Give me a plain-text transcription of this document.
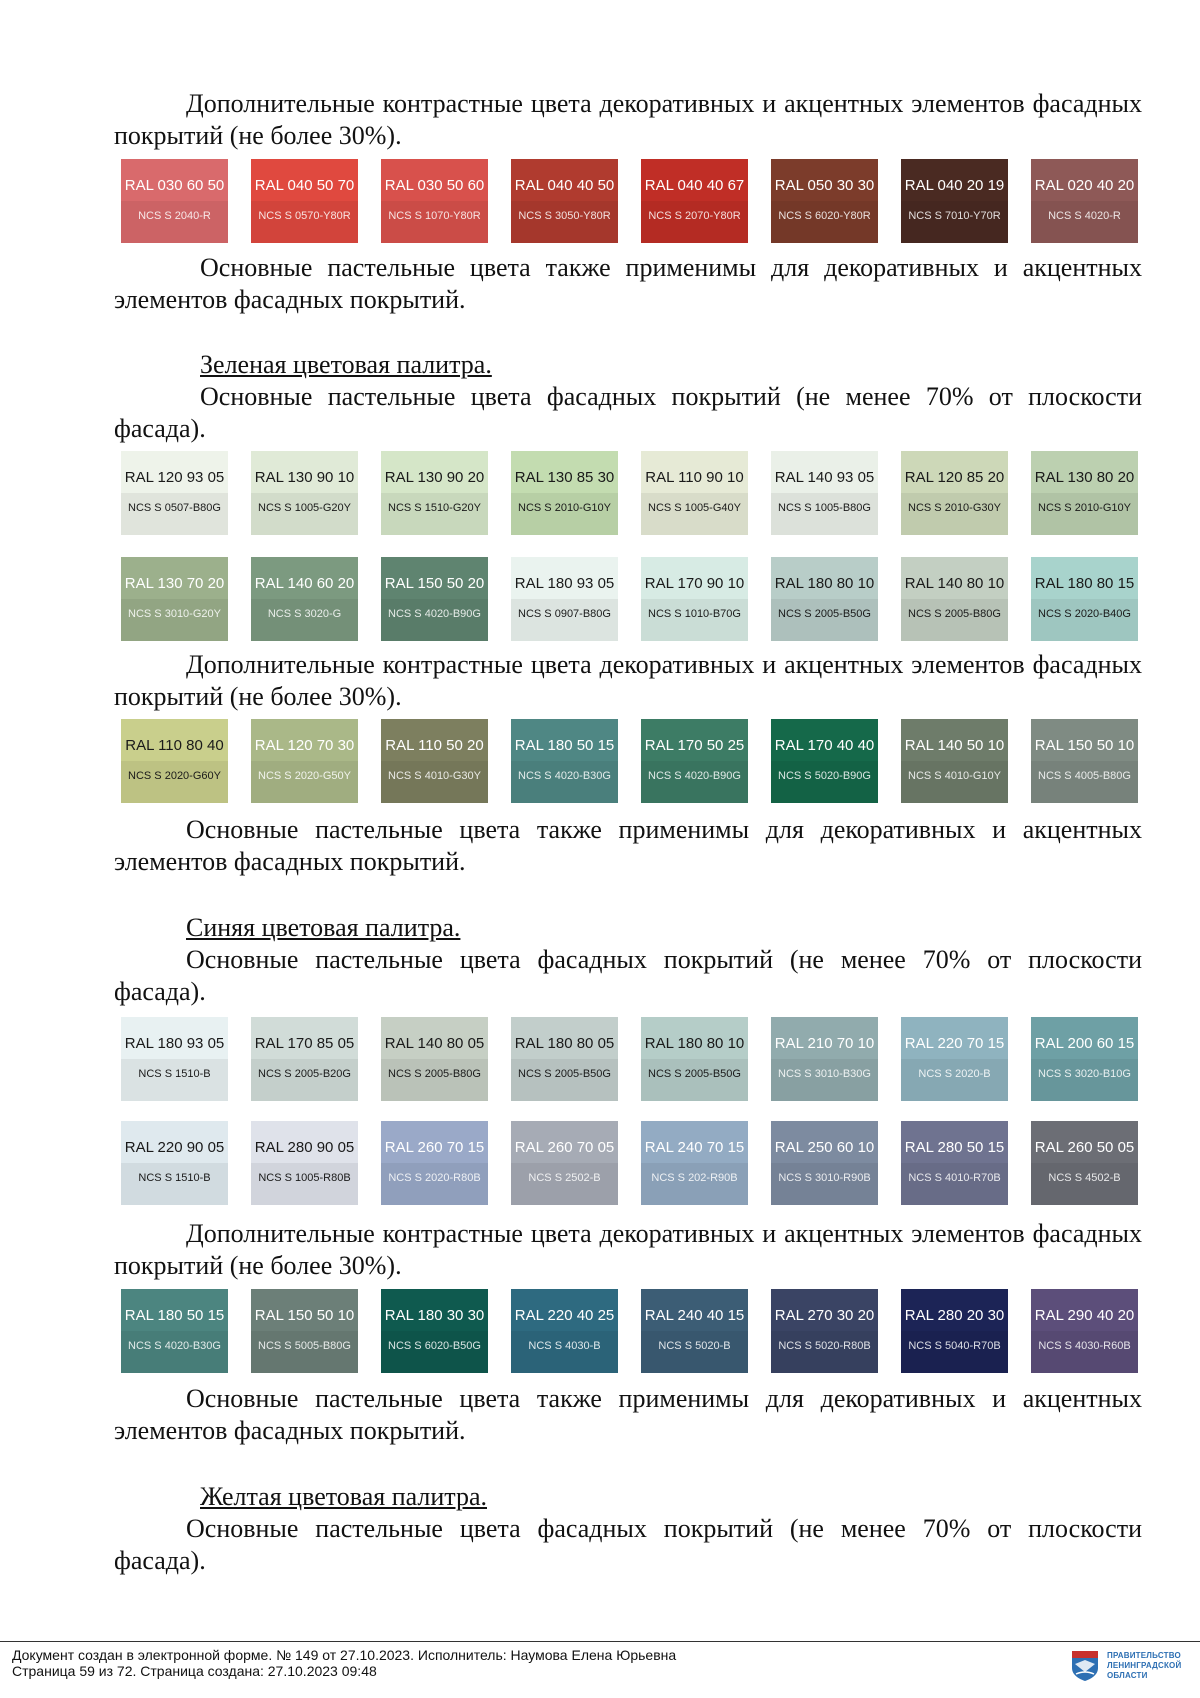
Дополнительные контрастные цвета декоративных и акцентных элементов фасадных покрытий (не более 30%).

RAL 030 60 50
NCS S 2040-R
RAL 040 50 70
NCS S 0570-Y80R
RAL 030 50 60
NCS S 1070-Y80R
RAL 040 40 50
NCS S 3050-Y80R
RAL 040 40 67
NCS S 2070-Y80R
RAL 050 30 30
NCS S 6020-Y80R
RAL 040 20 19
NCS S 7010-Y70R
RAL 020 40 20
NCS S 4020-R

Основные пастельные цвета также применимы для декоративных и акцентных элементов фасадных покрытий.

Зеленая цветовая палитра.

Основные пастельные цвета фасадных покрытий (не менее 70% от плоскости фасада).

RAL 120 93 05
NCS S 0507-B80G
RAL 130 90 10
NCS S 1005-G20Y
RAL 130 90 20
NCS S 1510-G20Y
RAL 130 85 30
NCS S 2010-G10Y
RAL 110 90 10
NCS S 1005-G40Y
RAL 140 93 05
NCS S 1005-B80G
RAL 120 85 20
NCS S 2010-G30Y
RAL 130 80 20
NCS S 2010-G10Y
RAL 130 70 20
NCS S 3010-G20Y
RAL 140 60 20
NCS S 3020-G
RAL 150 50 20
NCS S 4020-B90G
RAL 180 93 05
NCS S 0907-B80G
RAL 170 90 10
NCS S 1010-B70G
RAL 180 80 10
NCS S 2005-B50G
RAL 140 80 10
NCS S 2005-B80G
RAL 180 80 15
NCS S 2020-B40G

Дополнительные контрастные цвета декоративных и акцентных элементов фасадных покрытий (не более 30%).

RAL 110 80 40
NCS S 2020-G60Y
RAL 120 70 30
NCS S 2020-G50Y
RAL 110 50 20
NCS S 4010-G30Y
RAL 180 50 15
NCS S 4020-B30G
RAL 170 50 25
NCS S 4020-B90G
RAL 170 40 40
NCS S 5020-B90G
RAL 140 50 10
NCS S 4010-G10Y
RAL 150 50 10
NCS S 4005-B80G

Основные пастельные цвета также применимы для декоративных и акцентных элементов фасадных покрытий.

Синяя цветовая палитра.

Основные пастельные цвета фасадных покрытий (не менее 70% от плоскости фасада).

RAL 180 93 05
NCS S 1510-B
RAL 170 85 05
NCS S 2005-B20G
RAL 140 80 05
NCS S 2005-B80G
RAL 180 80 05
NCS S 2005-B50G
RAL 180 80 10
NCS S 2005-B50G
RAL 210 70 10
NCS S 3010-B30G
RAL 220 70 15
NCS S 2020-B
RAL 200 60 15
NCS S 3020-B10G
RAL 220 90 05
NCS S 1510-B
RAL 280 90 05
NCS S 1005-R80B
RAL 260 70 15
NCS S 2020-R80B
RAL 260 70 05
NCS S 2502-B
RAL 240 70 15
NCS S 202-R90B
RAL 250 60 10
NCS S 3010-R90B
RAL 280 50 15
NCS S 4010-R70B
RAL 260 50 05
NCS S 4502-B

Дополнительные контрастные цвета декоративных и акцентных элементов фасадных покрытий (не более 30%).

RAL 180 50 15
NCS S 4020-B30G
RAL 150 50 10
NCS S 5005-B80G
RAL 180 30 30
NCS S 6020-B50G
RAL 220 40 25
NCS S 4030-B
RAL 240 40 15
NCS S 5020-B
RAL 270 30 20
NCS S 5020-R80B
RAL 280 20 30
NCS S 5040-R70B
RAL 290 40 20
NCS S 4030-R60B

Основные пастельные цвета также применимы для декоративных и акцентных элементов фасадных покрытий.

Желтая цветовая палитра.

Основные пастельные цвета фасадных покрытий (не менее 70% от плоскости фасада).

Документ создан в электронной форме. № 149 от 27.10.2023. Исполнитель: Наумова Елена Юрьевна
Страница 59 из 72. Страница создана: 27.10.2023 09:48
ПРАВИТЕЛЬСТВО
ЛЕНИНГРАДСКОЙ
ОБЛАСТИ
